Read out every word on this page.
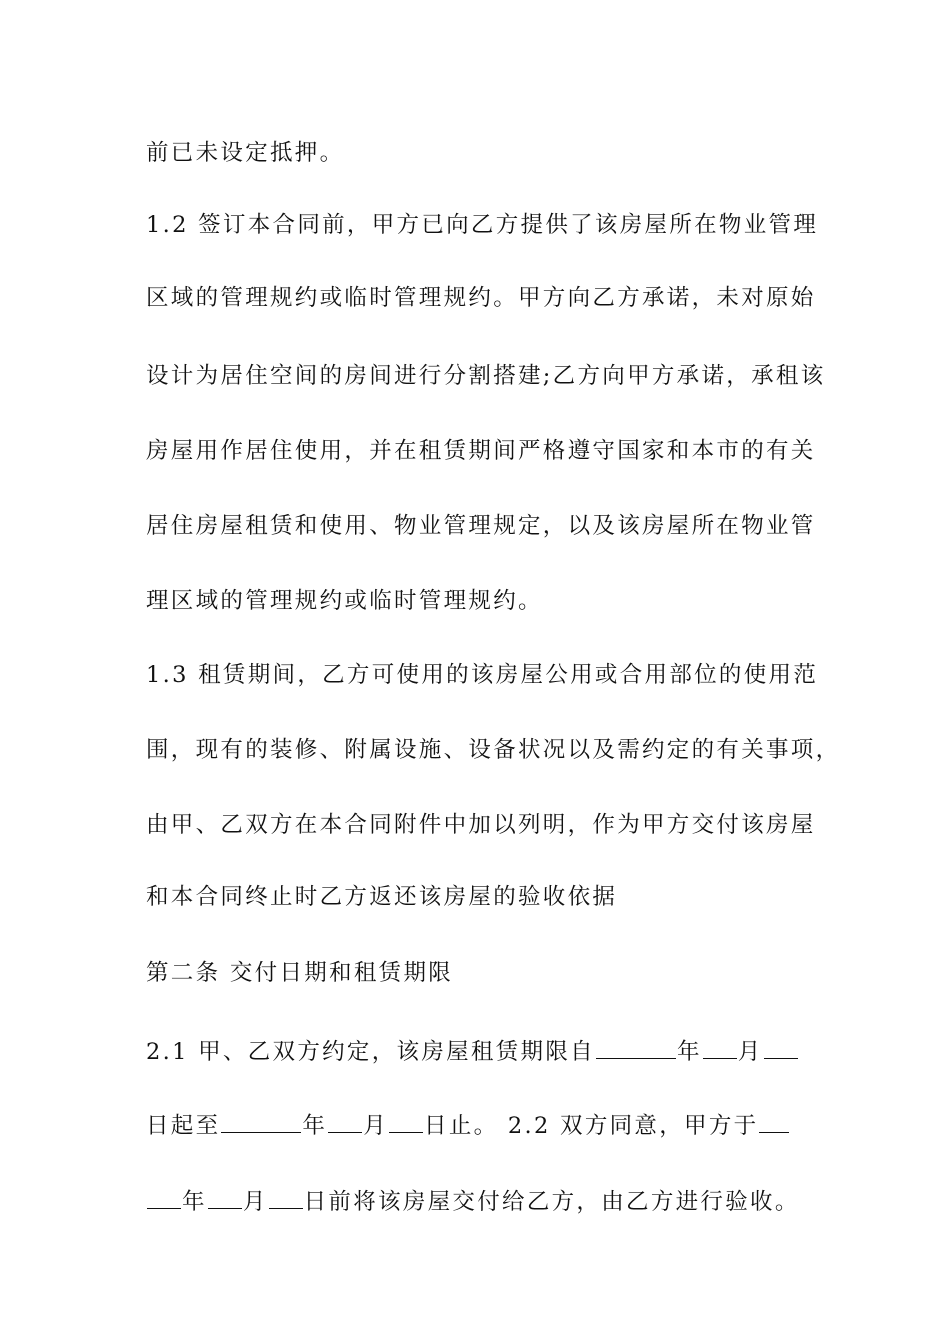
前已未设定抵押。
1.2 签订本合同前，甲方已向乙方提供了该房屋所在物业管理
区域的管理规约或临时管理规约。甲方向乙方承诺，未对原始
设计为居住空间的房间进行分割搭建;乙方向甲方承诺，承租该
房屋用作居住使用，并在租赁期间严格遵守国家和本市的有关
居住房屋租赁和使用、物业管理规定，以及该房屋所在物业管
理区域的管理规约或临时管理规约。
1.3 租赁期间，乙方可使用的该房屋公用或合用部位的使用范
围，现有的装修、附属设施、设备状况以及需约定的有关事项，
由甲、乙双方在本合同附件中加以列明，作为甲方交付该房屋
和本合同终止时乙方返还该房屋的验收依据
第二条 交付日期和租赁期限
2.1 甲、乙双方约定，该房屋租赁期限自	年 月
日起至	年 月 日止。 2.2 双方同意，甲方于
年 月 日前将该房屋交付给乙方，由乙方进行验收。
